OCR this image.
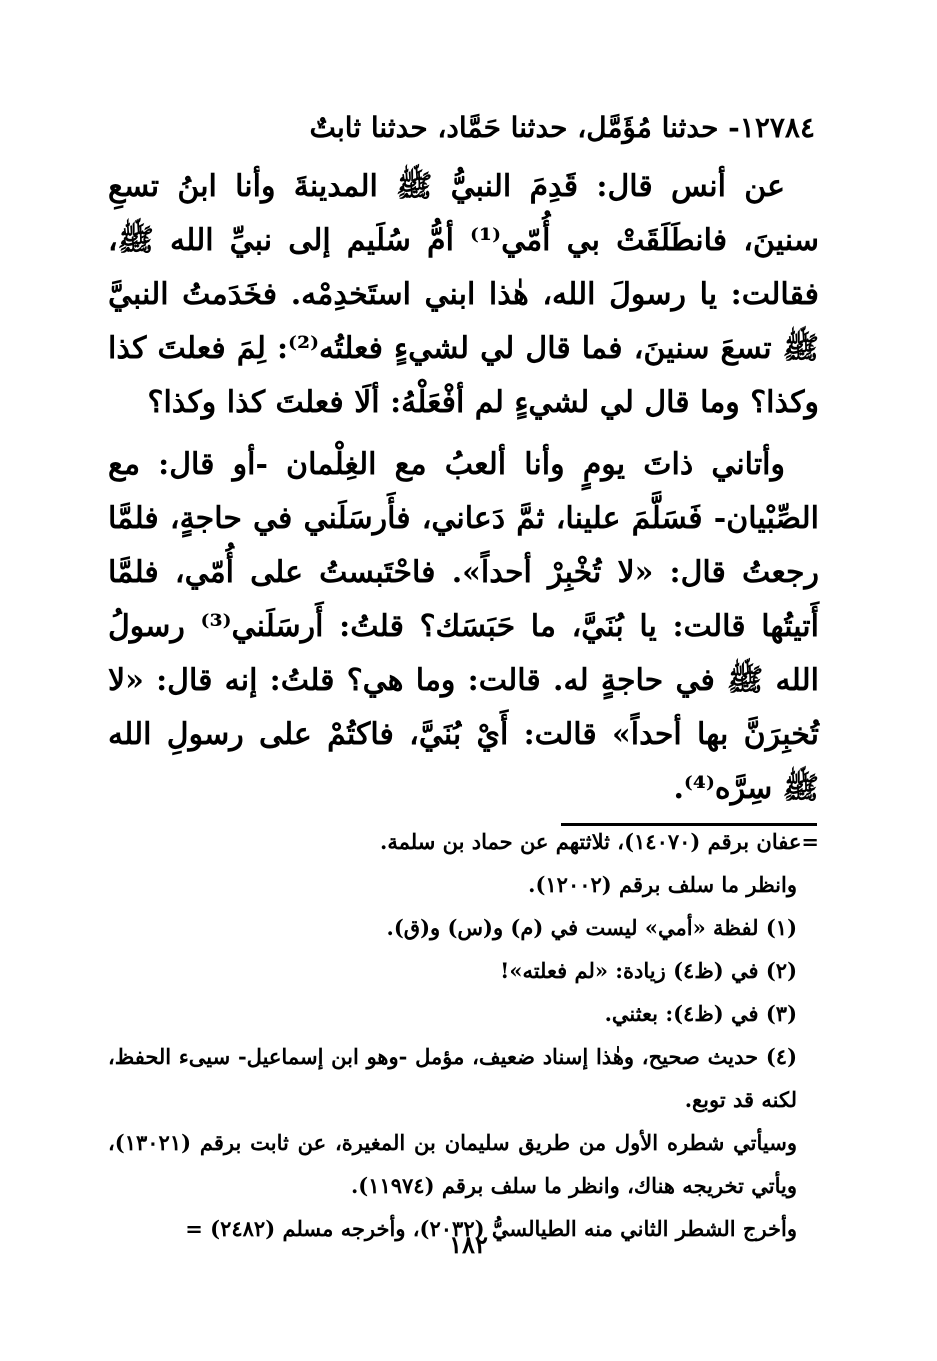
١٢٧٨٤- حدثنا مُؤَمَّل، حدثنا حَمَّاد، حدثنا ثابتٌ

عن أنس قال: قَدِمَ النبيُّ ﷺ المدينةَ وأنا ابنُ تسعِ سنينَ، فانطَلَقَتْ بي أُمّي⁽¹⁾ أمُّ سُلَيم إلى نبيِّ الله ﷺ، فقالت: يا رسولَ الله، هٰذا ابني استَخدِمْه. فخَدَمتُ النبيَّ ﷺ تسعَ سنينَ، فما قال لي لشيءٍ فعلتُه⁽²⁾: لِمَ فعلتَ كذا وكذا؟ وما قال لي لشيءٍ لم أفْعَلْهُ: ألَا فعلتَ كذا وكذا؟

وأتاني ذاتَ يومٍ وأنا ألعبُ مع الغِلْمان -أو قال: مع الصِّبْيان- فَسَلَّمَ علينا، ثمَّ دَعاني، فأَرسَلَني في حاجةٍ، فلمَّا رجعتُ قال: «لا تُخْبِرْ أحداً». فاحْتَبستُ على أُمّي، فلمَّا أَتيتُها قالت: يا بُنَيَّ، ما حَبَسَك؟ قلتُ: أَرسَلَني⁽³⁾ رسولُ الله ﷺ في حاجةٍ له. قالت: وما هي؟ قلتُ: إنه قال: «لا تُخبِرَنَّ بها أحداً» قالت: أَيْ بُنَيَّ، فاكتُمْ على رسولِ الله ﷺ سِرَّه⁽⁴⁾.

=عفان برقم (١٤٠٧٠)، ثلاثتهم عن حماد بن سلمة.

وانظر ما سلف برقم (١٢٠٠٢).

(١) لفظة «أمي» ليست في (م) و(س) و(ق).

(٢) في (ظ٤) زيادة: «لم فعلته»!

(٣) في (ظ٤): بعثني.

(٤) حديث صحيح، وهٰذا إسناد ضعيف، مؤمل -وهو ابن إسماعيل- سيىء الحفظ، لكنه قد توبع.

وسيأتي شطره الأول من طريق سليمان بن المغيرة، عن ثابت برقم (١٣٠٢١)، ويأتي تخريجه هناك، وانظر ما سلف برقم (١١٩٧٤).

وأخرج الشطر الثاني منه الطيالسيُّ (٢٠٣٢)، وأخرجه مسلم (٢٤٨٢) =

١٨٢
